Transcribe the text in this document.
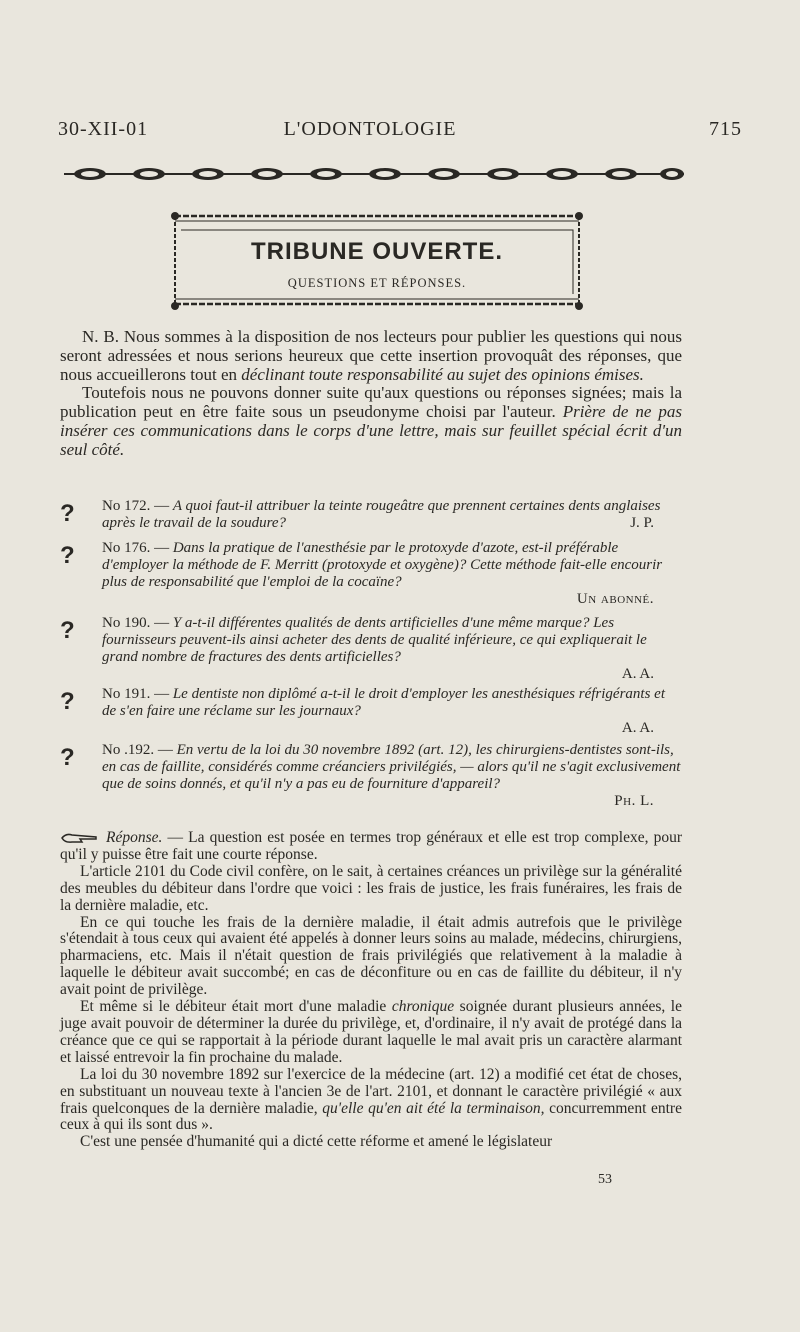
30-XII-01	L'ODONTOLOGIE	715
TRIBUNE OUVERTE.
QUESTIONS ET RÉPONSES.
N. B. Nous sommes à la disposition de nos lecteurs pour publier les questions qui nous seront adressées et nous serions heureux que cette insertion provoquât des réponses, que nous accueillerons tout en déclinant toute responsabilité au sujet des opinions émises.
Toutefois nous ne pouvons donner suite qu'aux questions ou réponses signées; mais la publication peut en être faite sous un pseudonyme choisi par l'auteur. Prière de ne pas insérer ces communications dans le corps d'une lettre, mais sur feuillet spécial écrit d'un seul côté.
? No 172. — A quoi faut-il attribuer la teinte rougeâtre que prennent certaines dents anglaises après le travail de la soudure?	J. P.
? No 176. — Dans la pratique de l'anesthésie par le protoxyde d'azote, est-il préférable d'employer la méthode de F. Merritt (protoxyde et oxygène)? Cette méthode fait-elle encourir plus de responsabilité que l'emploi de la cocaïne?
Un abonné.
? No 190. — Y a-t-il différentes qualités de dents artificielles d'une même marque? Les fournisseurs peuvent-ils ainsi acheter des dents de qualité inférieure, ce qui expliquerait le grand nombre de fractures des dents artificielles?
A. A.
? No 191. — Le dentiste non diplômé a-t-il le droit d'employer les anesthésiques réfrigérants et de s'en faire une réclame sur les journaux?
A. A.
? No .192. — En vertu de la loi du 30 novembre 1892 (art. 12), les chirurgiens-dentistes sont-ils, en cas de faillite, considérés comme créanciers privilégiés, — alors qu'il ne s'agit exclusivement que de soins donnés, et qu'il n'y a pas eu de fourniture d'appareil?
Ph. L.

Réponse. — La question est posée en termes trop généraux et elle est trop complexe, pour qu'il y puisse être fait une courte réponse.

L'article 2101 du Code civil confère, on le sait, à certaines créances un privilège sur la généralité des meubles du débiteur dans l'ordre que voici : les frais de justice, les frais funéraires, les frais de la dernière maladie, etc.

En ce qui touche les frais de la dernière maladie, il était admis autrefois que le privilège s'étendait à tous ceux qui avaient été appelés à donner leurs soins au malade, médecins, chirurgiens, pharmaciens, etc. Mais il n'était question de frais privilégiés que relativement à la maladie à laquelle le débiteur avait succombé; en cas de déconfiture ou en cas de faillite du débiteur, il n'y avait point de privilège.

Et même si le débiteur était mort d'une maladie chronique soignée durant plusieurs années, le juge avait pouvoir de déterminer la durée du privilège, et, d'ordinaire, il n'y avait de protégé dans la créance que ce qui se rapportait à la période durant laquelle le mal avait pris un caractère alarmant et laissé entrevoir la fin prochaine du malade.

La loi du 30 novembre 1892 sur l'exercice de la médecine (art. 12) a modifié cet état de choses, en substituant un nouveau texte à l'ancien 3e de l'art. 2101, et donnant le caractère privilégié « aux frais quelconques de la dernière maladie, qu'elle qu'en ait été la terminaison, concurremment entre ceux à qui ils sont dus ».

C'est une pensée d'humanité qui a dicté cette réforme et amené le législateur

53
